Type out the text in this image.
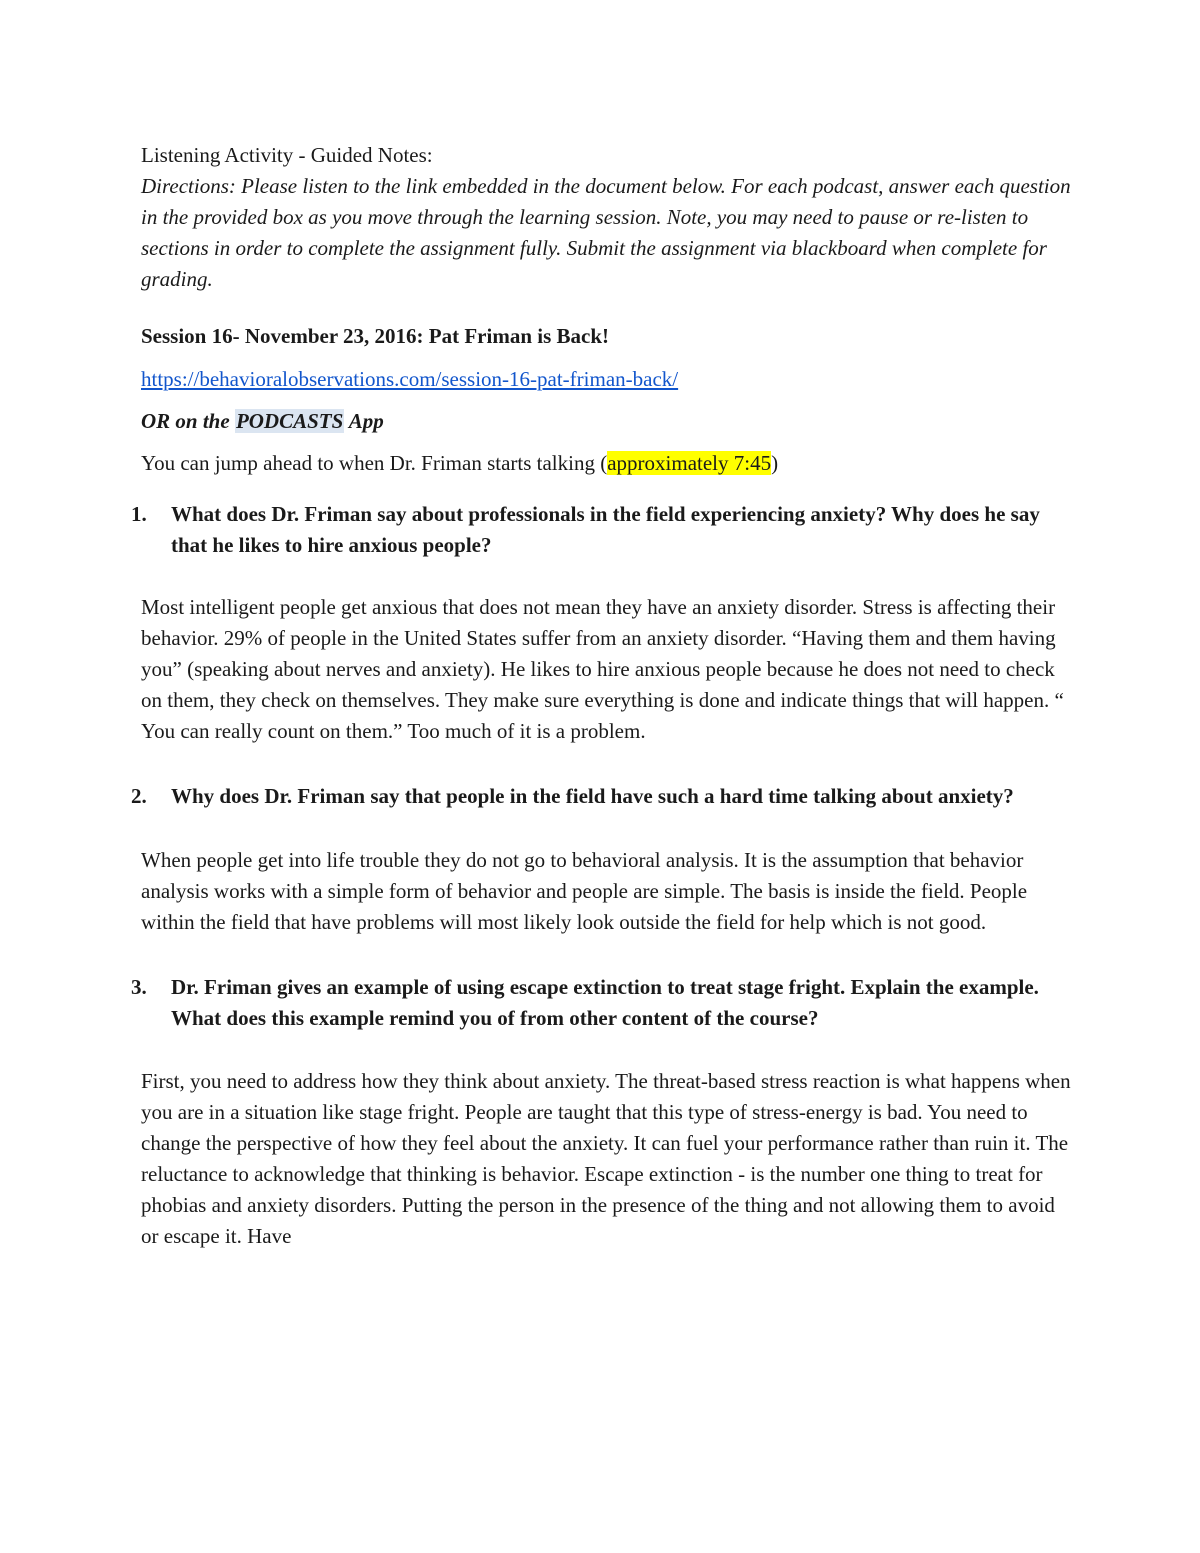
Listening Activity - Guided Notes:

Directions: Please listen to the link embedded in the document below. For each podcast, answer each question in the provided box as you move through the learning session. Note, you may need to pause or re-listen to sections in order to complete the assignment fully. Submit the assignment via blackboard when complete for grading.

Session 16- November 23, 2016: Pat Friman is Back!

https://behavioralobservations.com/session-16-pat-friman-back/

OR on the PODCASTS App

You can jump ahead to when Dr. Friman starts talking (approximately 7:45)

1.	What does Dr. Friman say about professionals in the field experiencing anxiety? Why does he say that he likes to hire anxious people?

Most intelligent people get anxious that does not mean they have an anxiety disorder. Stress is affecting their behavior. 29% of people in the United States suffer from an anxiety disorder. “Having them and them having you” (speaking about nerves and anxiety). He likes to hire anxious people because he does not need to check on them, they check on themselves. They make sure everything is done and indicate things that will happen. “ You can really count on them.” Too much of it is a problem.

2.	Why does Dr. Friman say that people in the field have such a hard time talking about anxiety?

When people get into life trouble they do not go to behavioral analysis. It is the assumption that behavior analysis works with a simple form of behavior and people are simple. The basis is inside the field. People within the field that have problems will most likely look outside the field for help which is not good.

3.	Dr. Friman gives an example of using escape extinction to treat stage fright. Explain the example. What does this example remind you of from other content of the course?

First, you need to address how they think about anxiety. The threat-based stress reaction is what happens when you are in a situation like stage fright. People are taught that this type of stress-energy is bad. You need to change the perspective of how they feel about the anxiety. It can fuel your performance rather than ruin it. The reluctance to acknowledge that thinking is behavior. Escape extinction - is the number one thing to treat for phobias and anxiety disorders. Putting the person in the presence of the thing and not allowing them to avoid or escape it. Have
